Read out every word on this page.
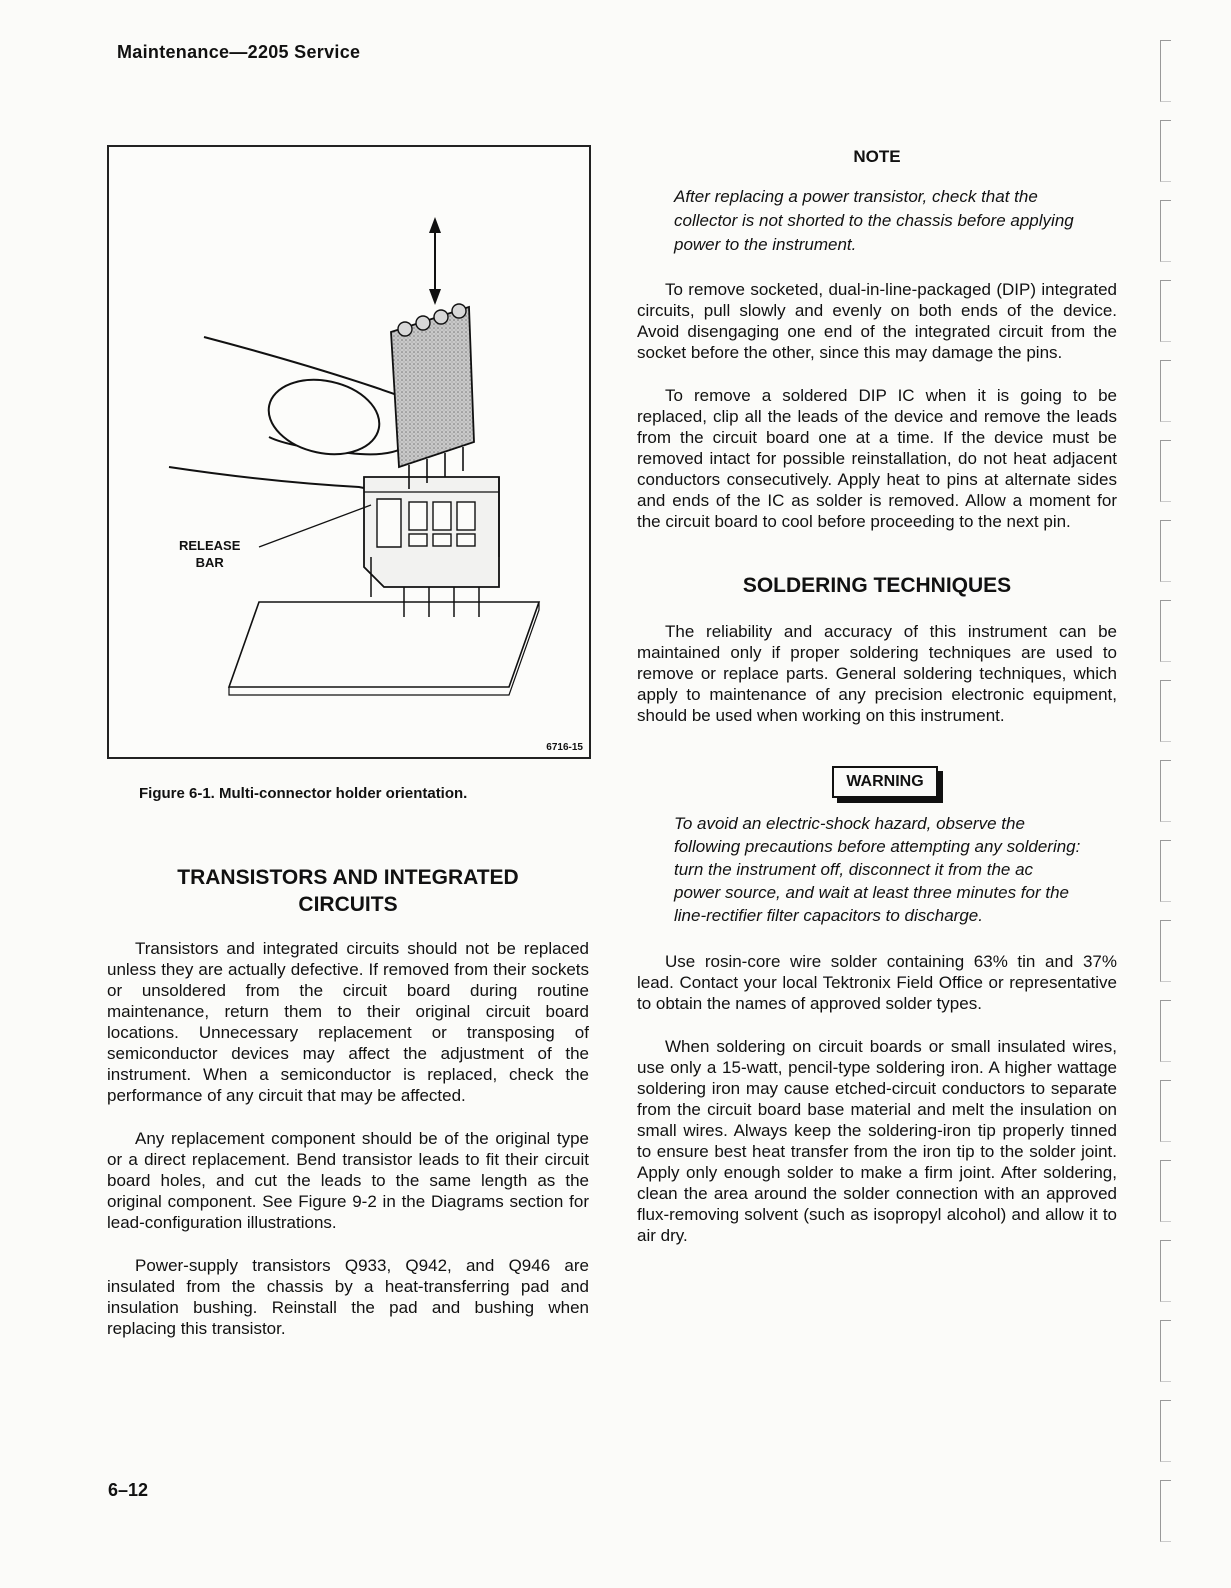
Maintenance—2205 Service
RELEASE
BAR
6716-15
Figure 6-1. Multi-connector holder orientation.
TRANSISTORS AND INTEGRATED
CIRCUITS

Transistors and integrated circuits should not be replaced unless they are actually defective. If removed from their sockets or unsoldered from the circuit board during routine maintenance, return them to their original circuit board locations. Unnecessary replacement or transposing of semiconductor devices may affect the adjustment of the instrument. When a semiconductor is replaced, check the performance of any circuit that may be affected.

Any replacement component should be of the original type or a direct replacement. Bend transistor leads to fit their circuit board holes, and cut the leads to the same length as the original component. See Figure 9-2 in the Diagrams section for lead-configuration illustrations.

Power-supply transistors Q933, Q942, and Q946 are insulated from the chassis by a heat-transferring pad and insulation bushing. Reinstall the pad and bushing when replacing this transistor.

NOTE
After replacing a power transistor, check that the collector is not shorted to the chassis before applying power to the instrument.

To remove socketed, dual-in-line-packaged (DIP) integrated circuits, pull slowly and evenly on both ends of the device. Avoid disengaging one end of the integrated circuit from the socket before the other, since this may damage the pins.

To remove a soldered DIP IC when it is going to be replaced, clip all the leads of the device and remove the leads from the circuit board one at a time. If the device must be removed intact for possible reinstallation, do not heat adjacent conductors consecutively. Apply heat to pins at alternate sides and ends of the IC as solder is removed. Allow a moment for the circuit board to cool before proceeding to the next pin.

SOLDERING TECHNIQUES

The reliability and accuracy of this instrument can be maintained only if proper soldering techniques are used to remove or replace parts. General soldering techniques, which apply to maintenance of any precision electronic equipment, should be used when working on this instrument.

WARNING
To avoid an electric-shock hazard, observe the following precautions before attempting any soldering: turn the instrument off, disconnect it from the ac power source, and wait at least three minutes for the line-rectifier filter capacitors to discharge.

Use rosin-core wire solder containing 63% tin and 37% lead. Contact your local Tektronix Field Office or representative to obtain the names of approved solder types.

When soldering on circuit boards or small insulated wires, use only a 15-watt, pencil-type soldering iron. A higher wattage soldering iron may cause etched-circuit conductors to separate from the circuit board base material and melt the insulation on small wires. Always keep the soldering-iron tip properly tinned to ensure best heat transfer from the iron tip to the solder joint. Apply only enough solder to make a firm joint. After soldering, clean the area around the solder connection with an approved flux-removing solvent (such as isopropyl alcohol) and allow it to air dry.

6–12
